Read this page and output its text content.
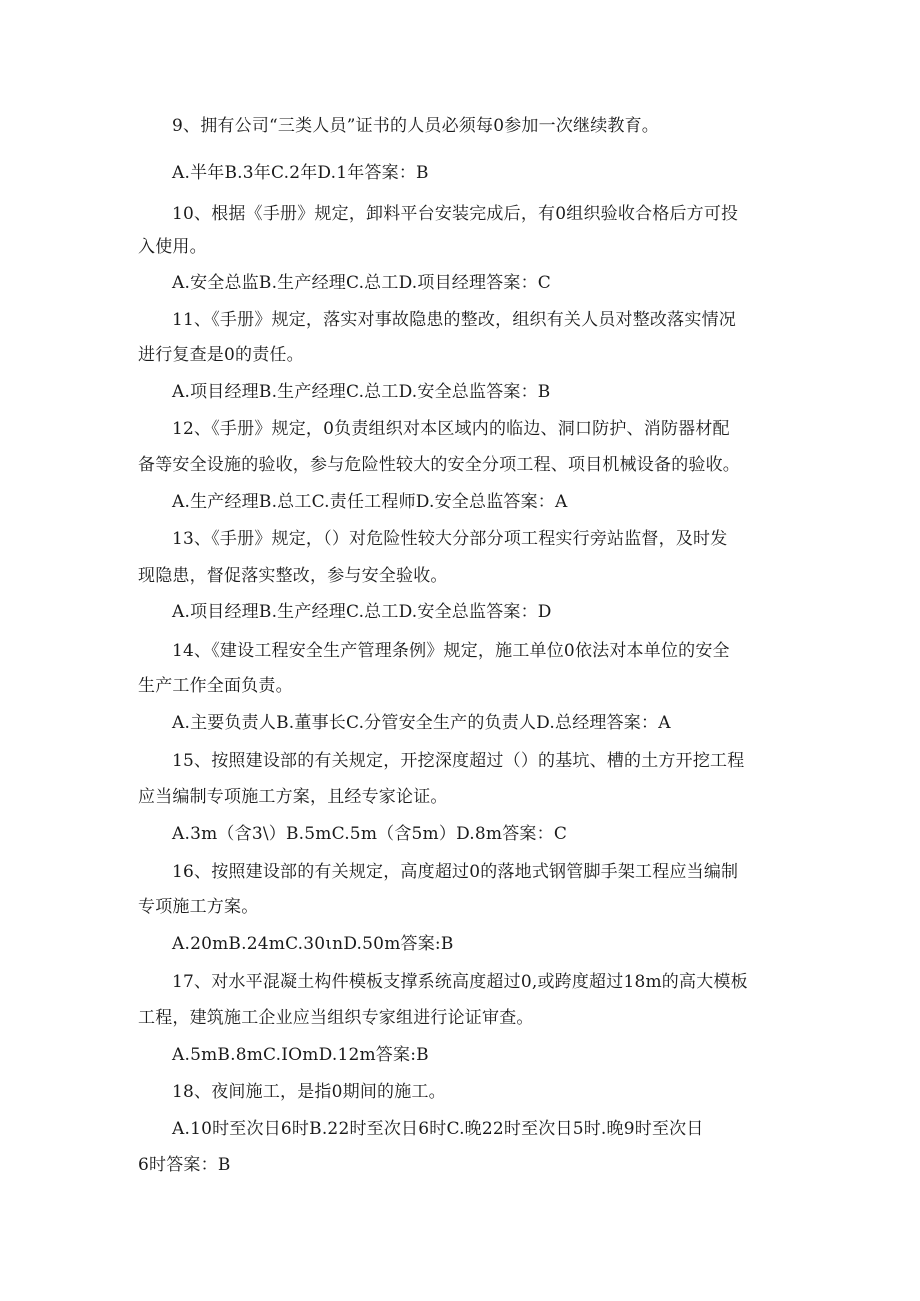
9、拥有公司“三类人员”证书的人员必须每0参加一次继续教育。
A.半年B.3年C.2年D.1年答案：B
10、根据《手册》规定，卸料平台安装完成后，有0组织验收合格后方可投
入使用。
A.安全总监B.生产经理C.总工D.项目经理答案：C
11、《手册》规定，落实对事故隐患的整改，组织有关人员对整改落实情况
进行复查是0的责任。
A.项目经理B.生产经理C.总工D.安全总监答案：B
12、《手册》规定，0负责组织对本区域内的临边、洞口防护、消防器材配
备等安全设施的验收，参与危险性较大的安全分项工程、项目机械设备的验收。
A.生产经理B.总工C.责任工程师D.安全总监答案：A
13、《手册》规定，（）对危险性较大分部分项工程实行旁站监督，及时发
现隐患，督促落实整改，参与安全验收。
A.项目经理B.生产经理C.总工D.安全总监答案：D
14、《建设工程安全生产管理条例》规定，施工单位0依法对本单位的安全
生产工作全面负责。
A.主要负责人B.董事长C.分管安全生产的负责人D.总经理答案：A
15、按照建设部的有关规定，开挖深度超过（）的基坑、槽的土方开挖工程
应当编制专项施工方案，且经专家论证。
A.3m（含3\）B.5mC.5m（含5m）D.8m答案：C
16、按照建设部的有关规定，高度超过0的落地式钢管脚手架工程应当编制
专项施工方案。
A.20mB.24mC.30ιnD.50m答案:B
17、对水平混凝土构件模板支撑系统高度超过0,或跨度超过18m的高大模板
工程，建筑施工企业应当组织专家组进行论证审查。
A.5mB.8mC.IOmD.12m答案:B
18、夜间施工，是指0期间的施工。
A.10时至次日6时B.22时至次日6时C.晚22时至次日5时.晚9时至次日
6时答案：B
